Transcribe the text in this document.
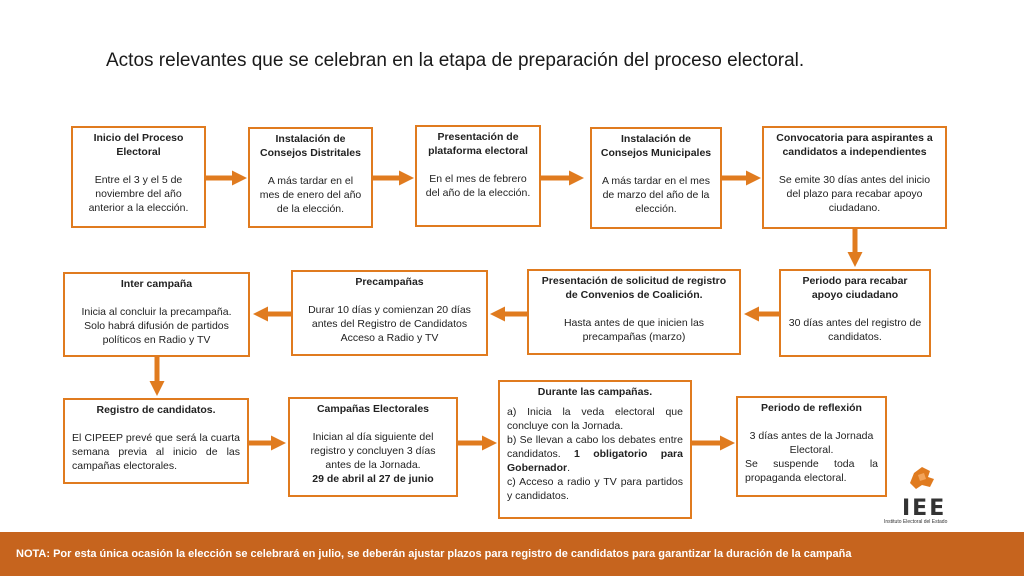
Actos relevantes que se celebran en la etapa de preparación del proceso electoral.
Inicio del Proceso Electoral
Entre el 3 y el 5 de noviembre del año anterior a la elección.
Instalación de Consejos Distritales
A más tardar en el mes de enero del año de la elección.
Presentación de plataforma electoral
En el mes de febrero del año de la elección.
Instalación de Consejos Municipales
A más tardar en el mes de marzo del año de la elección.
Convocatoria para aspirantes a candidatos a independientes
Se emite 30 días antes del inicio del plazo para recabar apoyo ciudadano.
Periodo para recabar apoyo ciudadano
30 días antes del registro de candidatos.
Presentación de solicitud de registro de Convenios de Coalición.
Hasta antes de que inicien las precampañas (marzo)
Precampañas
Durar 10 días y comienzan 20 días antes del Registro de Candidatos Acceso a Radio y TV
Inter campaña
Inicia al concluir la precampaña. Solo habrá difusión de partidos políticos en Radio y TV
Registro de candidatos.
El CIPEEP prevé que será la cuarta semana previa al inicio de las campañas electorales.
Campañas Electorales
Inician al día siguiente del registro y concluyen 3 días antes de la Jornada.
29 de abril al 27 de junio
Durante las campañas.
a) Inicia la veda electoral que concluye con la Jornada.
b) Se llevan a cabo los debates entre candidatos. 1 obligatorio para Gobernador.
c) Acceso a radio y TV para partidos y candidatos.
Periodo de reflexión
3 días antes de la Jornada Electoral.
Se suspende toda la propaganda electoral.
IEE
Instituto Electoral del Estado
NOTA: Por esta única ocasión la elección se celebrará en julio, se deberán ajustar plazos para registro de candidatos para garantizar la duración de la campaña
